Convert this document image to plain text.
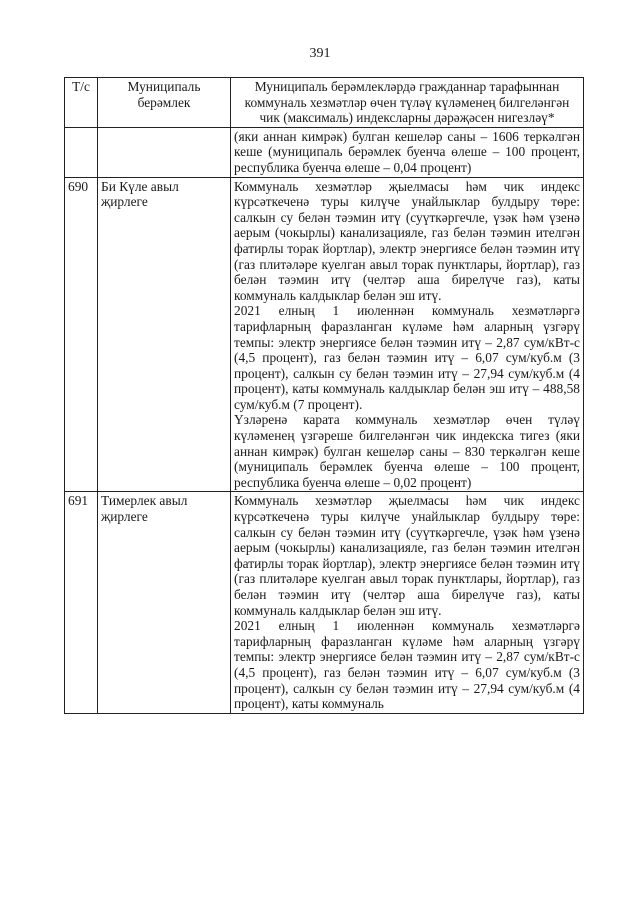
391
Т/с	Муниципаль берәмлек	Муниципаль берәмлекләрдә гражданнар тарафыннан коммуналь хезмәтләр өчен түләү күләменең билгеләнгән чик (максималь) индексларны дәрәҗәсен нигезләү*

		(яки аннан кимрәк) булган кешеләр саны – 1606 теркәлгән кеше (муниципаль берәмлек буенча өлеше – 100 процент, республика буенча өлеше – 0,04 процент)

690	Би Күле авыл җирлеге	Коммуналь хезмәтләр җыелмасы һәм чик индекс күрсәткеченә туры килүче унайлыклар булдыру төре: салкын су белән тәэмин итү (суүткәргечле, үзәк һәм үзенә аерым (чокырлы) канализацияле, газ белән тәэмин ителгән фатирлы торак йортлар), электр энергиясе белән тәэмин итү (газ плитәләре куелган авыл торак пунктлары, йортлар), газ белән тәэмин итү (челтәр аша бирелүче газ), каты коммуналь калдыклар белән эш итү.

2021 елның 1 июленнән коммуналь хезмәтләргә тарифларның фаразланган күләме һәм аларның үзгәрү темпы: электр энергиясе белән тәэмин итү – 2,87 сум/кВт-с (4,5 процент), газ белән тәэмин итү – 6,07 сум/куб.м (3 процент), салкын су белән тәэмин итү – 27,94 сум/куб.м (4 процент), каты коммуналь калдыклар белән эш итү – 488,58 сум/куб.м (7 процент).

Үзләренә карата коммуналь хезмәтләр өчен түләү күләменең үзгәреше билгеләнгән чик индекска тигез (яки аннан кимрәк) булган кешеләр саны – 830 теркәлгән кеше (муниципаль берәмлек буенча өлеше – 100 процент, республика буенча өлеше – 0,02 процент)

691	Тимерлек авыл җирлеге	Коммуналь хезмәтләр җыелмасы һәм чик индекс күрсәткеченә туры килүче унайлыклар булдыру төре: салкын су белән тәэмин итү (суүткәргечле, үзәк һәм үзенә аерым (чокырлы) канализацияле, газ белән тәэмин ителгән фатирлы торак йортлар), электр энергиясе белән тәэмин итү (газ плитәләре куелган авыл торак пунктлары, йортлар), газ белән тәэмин итү (челтәр аша бирелүче газ), каты коммуналь калдыклар белән эш итү.

2021 елның 1 июленнән коммуналь хезмәтләргә тарифларның фаразланган күләме һәм аларның үзгәрү темпы: электр энергиясе белән тәэмин итү – 2,87 сум/кВт-с (4,5 процент), газ белән тәэмин итү – 6,07 сум/куб.м (3 процент), салкын су белән тәэмин итү – 27,94 сум/куб.м (4 процент), каты коммуналь
